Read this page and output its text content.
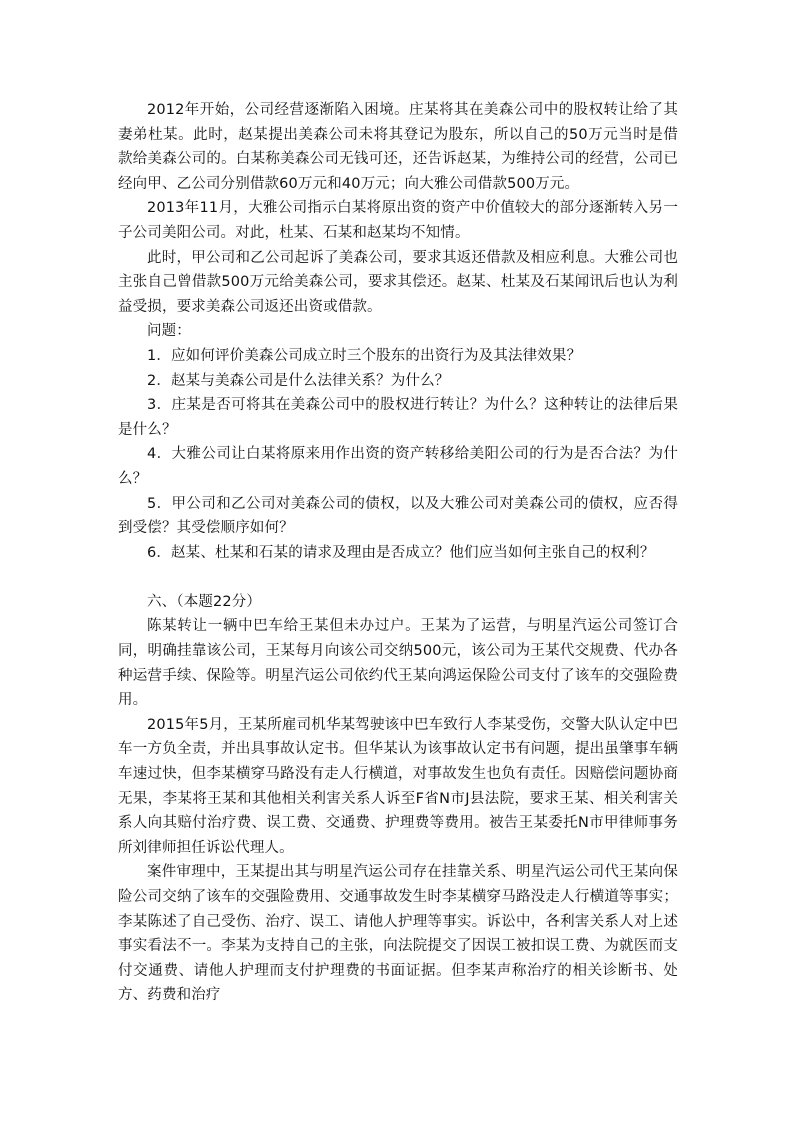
2012年开始，公司经营逐渐陷入困境。庄某将其在美森公司中的股权转让给了其妻弟杜某。此时，赵某提出美森公司未将其登记为股东，所以自己的50万元当时是借款给美森公司的。白某称美森公司无钱可还，还告诉赵某，为维持公司的经营，公司已经向甲、乙公司分别借款60万元和40万元；向大雅公司借款500万元。

2013年11月，大雅公司指示白某将原出资的资产中价值较大的部分逐渐转入另一子公司美阳公司。对此，杜某、石某和赵某均不知情。

此时，甲公司和乙公司起诉了美森公司，要求其返还借款及相应利息。大雅公司也主张自己曾借款500万元给美森公司，要求其偿还。赵某、杜某及石某闻讯后也认为利益受损，要求美森公司返还出资或借款。

问题：

1．应如何评价美森公司成立时三个股东的出资行为及其法律效果？

2．赵某与美森公司是什么法律关系？为什么？

3．庄某是否可将其在美森公司中的股权进行转让？为什么？这种转让的法律后果是什么？

4．大雅公司让白某将原来用作出资的资产转移给美阳公司的行为是否合法？为什么？

5．甲公司和乙公司对美森公司的债权，以及大雅公司对美森公司的债权，应否得到受偿？其受偿顺序如何？

6．赵某、杜某和石某的请求及理由是否成立？他们应当如何主张自己的权利？

六、（本题22分）

陈某转让一辆中巴车给王某但未办过户。王某为了运营，与明星汽运公司签订合同，明确挂靠该公司，王某每月向该公司交纳500元，该公司为王某代交规费、代办各种运营手续、保险等。明星汽运公司依约代王某向鸿运保险公司支付了该车的交强险费用。

2015年5月，王某所雇司机华某驾驶该中巴车致行人李某受伤，交警大队认定中巴车一方负全责，并出具事故认定书。但华某认为该事故认定书有问题，提出虽肇事车辆车速过快，但李某横穿马路没有走人行横道，对事故发生也负有责任。因赔偿问题协商无果，李某将王某和其他相关利害关系人诉至F省N市J县法院，要求王某、相关利害关系人向其赔付治疗费、误工费、交通费、护理费等费用。被告王某委托N市甲律师事务所刘律师担任诉讼代理人。

案件审理中，王某提出其与明星汽运公司存在挂靠关系、明星汽运公司代王某向保险公司交纳了该车的交强险费用、交通事故发生时李某横穿马路没走人行横道等事实；李某陈述了自己受伤、治疗、误工、请他人护理等事实。诉讼中，各利害关系人对上述事实看法不一。李某为支持自己的主张，向法院提交了因误工被扣误工费、为就医而支付交通费、请他人护理而支付护理费的书面证据。但李某声称治疗的相关诊断书、处方、药费和治疗
